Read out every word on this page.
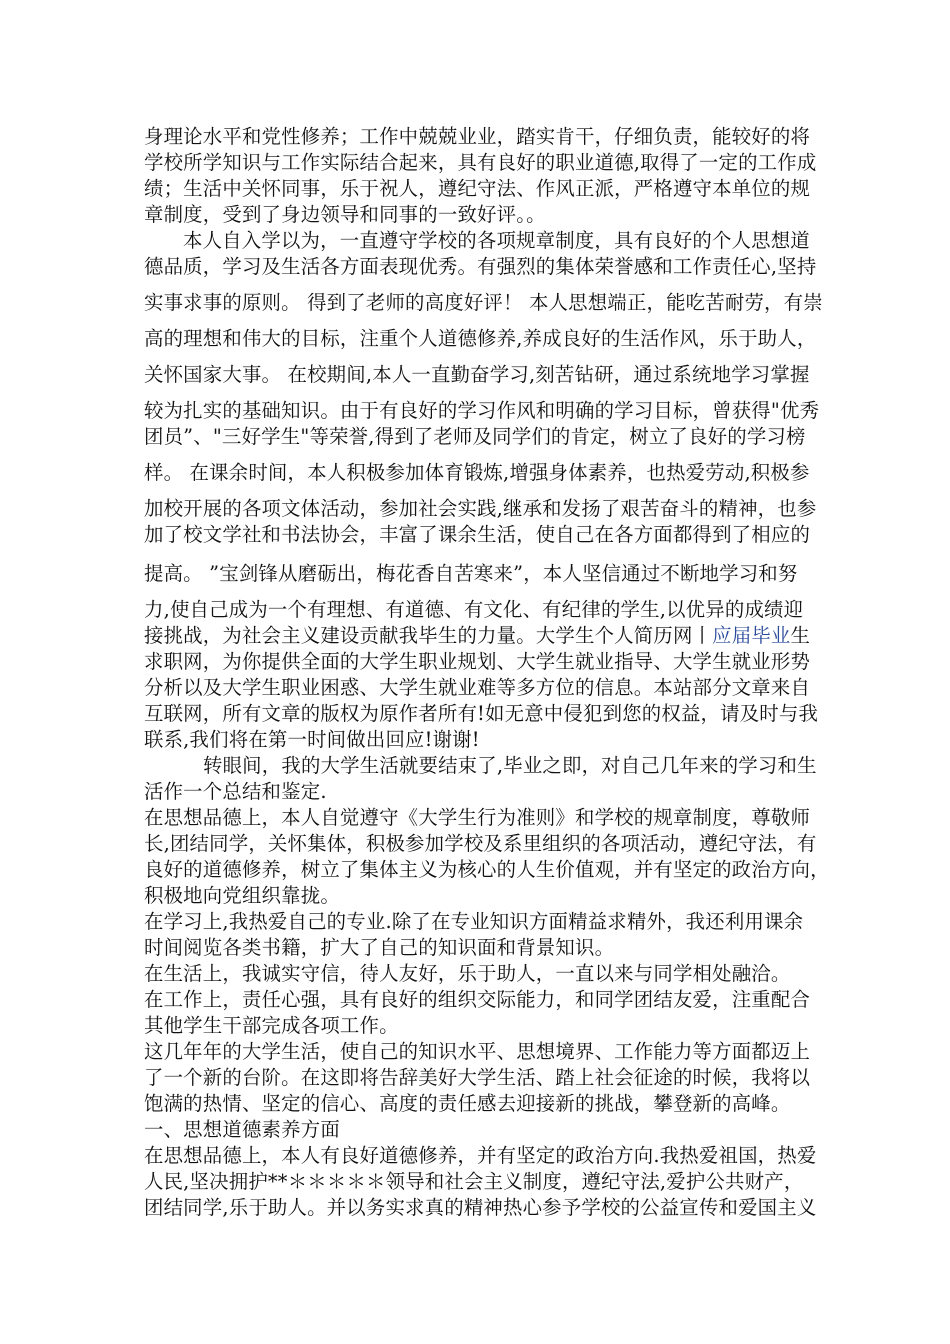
身理论水平和党性修养；工作中兢兢业业，踏实肯干，仔细负责，能较好的将
学校所学知识与工作实际结合起来，具有良好的职业道德,取得了一定的工作成
绩；生活中关怀同事，乐于祝人，遵纪守法、作风正派，严格遵守本单位的规
章制度，受到了身边领导和同事的一致好评。。
本人自入学以为，一直遵守学校的各项规章制度，具有良好的个人思想道
德品质，学习及生活各方面表现优秀。有强烈的集体荣誉感和工作责任心,坚持
实事求事的原则。 得到了老师的高度好评！ 本人思想端正，能吃苦耐劳，有崇
高的理想和伟大的目标，注重个人道德修养,养成良好的生活作风，乐于助人，
关怀国家大事。 在校期间,本人一直勤奋学习,刻苦钻研，通过系统地学习掌握
较为扎实的基础知识。由于有良好的学习作风和明确的学习目标，曾获得"优秀
团员”、"三好学生"等荣誉,得到了老师及同学们的肯定，树立了良好的学习榜
样。 在课余时间，本人积极参加体育锻炼,增强身体素养，也热爱劳动,积极参
加校开展的各项文体活动，参加社会实践,继承和发扬了艰苦奋斗的精神，也参
加了校文学社和书法协会，丰富了课余生活，使自己在各方面都得到了相应的
提高。 ”宝剑锋从磨砺出，梅花香自苦寒来”，本人坚信通过不断地学习和努
力,使自己成为一个有理想、有道德、有文化、有纪律的学生,以优异的成绩迎
接挑战，为社会主义建设贡献我毕生的力量。大学生个人简历网丨应届毕业生
求职网，为你提供全面的大学生职业规划、大学生就业指导、大学生就业形势
分析以及大学生职业困惑、大学生就业难等多方位的信息。本站部分文章来自
互联网，所有文章的版权为原作者所有!如无意中侵犯到您的权益，请及时与我
联系,我们将在第一时间做出回应!谢谢!
转眼间，我的大学生活就要结束了,毕业之即，对自己几年来的学习和生
活作一个总结和鉴定.
在思想品德上，本人自觉遵守《大学生行为准则》和学校的规章制度，尊敬师
长,团结同学，关怀集体，积极参加学校及系里组织的各项活动，遵纪守法，有
良好的道德修养，树立了集体主义为核心的人生价值观，并有坚定的政治方向，
积极地向党组织靠拢。
在学习上,我热爱自己的专业.除了在专业知识方面精益求精外，我还利用课余
时间阅览各类书籍，扩大了自己的知识面和背景知识。
在生活上，我诚实守信，待人友好，乐于助人，一直以来与同学相处融洽。
在工作上，责任心强，具有良好的组织交际能力，和同学团结友爱，注重配合
其他学生干部完成各项工作。
这几年年的大学生活，使自己的知识水平、思想境界、工作能力等方面都迈上
了一个新的台阶。在这即将告辞美好大学生活、踏上社会征途的时候，我将以
饱满的热情、坚定的信心、高度的责任感去迎接新的挑战，攀登新的高峰。
一、思想道德素养方面
在思想品德上，本人有良好道德修养，并有坚定的政治方向.我热爱祖国，热爱
人民,坚决拥护**＊＊＊＊＊领导和社会主义制度，遵纪守法,爱护公共财产，
团结同学,乐于助人。并以务实求真的精神热心参予学校的公益宣传和爱国主义
